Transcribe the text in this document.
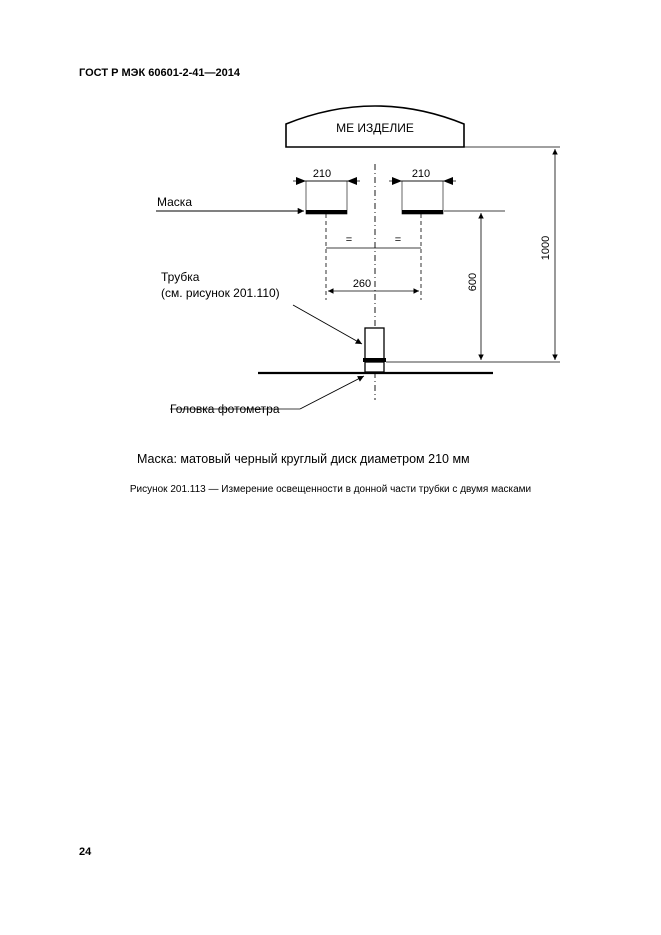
ГОСТ Р МЭК 60601-2-41—2014
МЕ ИЗДЕЛИЕ
210	210
Маска
=	=
260
Трубка
(см. рисунок 201.110)
Головка фотометра
600
1000
Маска: матовый черный круглый диск диаметром 210 мм
Рисунок 201.113 — Измерение освещенности в донной части трубки с двумя масками
24
